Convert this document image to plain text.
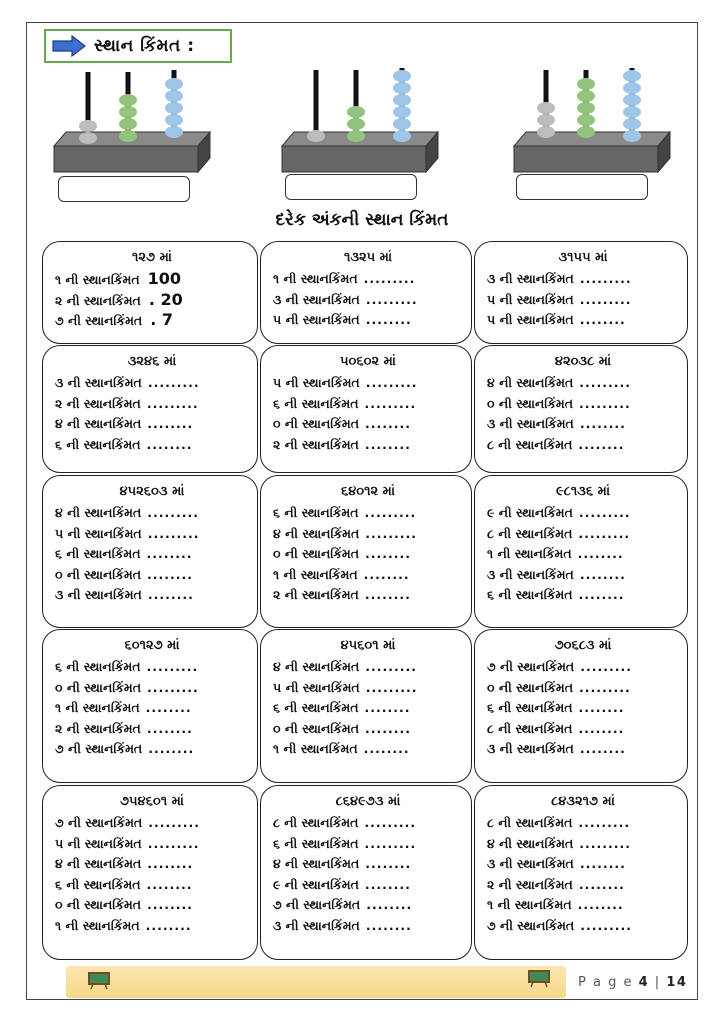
સ્થાન કિંમત :
દરેક અંકની સ્થાન કિંમત
૧૨૭ માં
૧ ની સ્થાનકિંમત 100
૨ ની સ્થાનકિંમત . 20
૭ ની સ્થાનકિંમત . 7
૧૩૨૫ માં
૧ ની સ્થાનકિંમત .........
૩ ની સ્થાનકિંમત .........
૫ ની સ્થાનકિંમત ........
૩૧૫૫ માં
૩ ની સ્થાનકિંમત .........
૫ ની સ્થાનકિંમત .........
૫ ની સ્થાનકિંમત ........
૩૨૪૬ માં
૩ ની સ્થાનકિંમત .........
૨ ની સ્થાનકિંમત .........
૪ ની સ્થાનકિંમત ........
૬ ની સ્થાનકિંમત ........
૫૦૬૦૨ માં
૫ ની સ્થાનકિંમત .........
૬ ની સ્થાનકિંમત .........
૦ ની સ્થાનકિંમત ........
૨ ની સ્થાનકિંમત ........
૪૨૦૩૮ માં
૪ ની સ્થાનકિંમત .........
૦ ની સ્થાનકિંમત .........
૩ ની સ્થાનકિંમત ........
૮ ની સ્થાનકિંમત ........
૪૫૨૬૦૩ માં
૪ ની સ્થાનકિંમત .........
૫ ની સ્થાનકિંમત .........
૬ ની સ્થાનકિંમત ........
૦ ની સ્થાનકિંમત ........
૩ ની સ્થાનકિંમત ........
૬૪૦૧૨ માં
૬ ની સ્થાનકિંમત .........
૪ ની સ્થાનકિંમત .........
૦ ની સ્થાનકિંમત ........
૧ ની સ્થાનકિંમત ........
૨ ની સ્થાનકિંમત ........
૯૮૧૩૬ માં
૯ ની સ્થાનકિંમત .........
૮ ની સ્થાનકિંમત .........
૧ ની સ્થાનકિંમત ........
૩ ની સ્થાનકિંમત ........
૬ ની સ્થાનકિંમત ........
૬૦૧૨૭ માં
૬ ની સ્થાનકિંમત .........
૦ ની સ્થાનકિંમત .........
૧ ની સ્થાનકિંમત ........
૨ ની સ્થાનકિંમત ........
૭ ની સ્થાનકિંમત ........
૪૫૬૦૧ માં
૪ ની સ્થાનકિંમત .........
૫ ની સ્થાનકિંમત .........
૬ ની સ્થાનકિંમત ........
૦ ની સ્થાનકિંમત ........
૧ ની સ્થાનકિંમત ........
૭૦૬૮૩ માં
૭ ની સ્થાનકિંમત .........
૦ ની સ્થાનકિંમત .........
૬ ની સ્થાનકિંમત ........
૮ ની સ્થાનકિંમત ........
૩ ની સ્થાનકિંમત ........
૭૫૪૬૦૧ માં
૭ ની સ્થાનકિંમત .........
૫ ની સ્થાનકિંમત .........
૪ ની સ્થાનકિંમત ........
૬ ની સ્થાનકિંમત ........
૦ ની સ્થાનકિંમત ........
૧ ની સ્થાનકિંમત ........
૮૬૪૯૭૩ માં
૮ ની સ્થાનકિંમત .........
૬ ની સ્થાનકિંમત .........
૪ ની સ્થાનકિંમત ........
૯ ની સ્થાનકિંમત ........
૭ ની સ્થાનકિંમત ........
૩ ની સ્થાનકિંમત ........
૮૪૩૨૧૭ માં
૮ ની સ્થાનકિંમત .........
૪ ની સ્થાનકિંમત .........
૩ ની સ્થાનકિંમત ........
૨ ની સ્થાનકિંમત ........
૧ ની સ્થાનકિંમત ........
૭ ની સ્થાનકિંમત .........
P a g e 4 | 14
